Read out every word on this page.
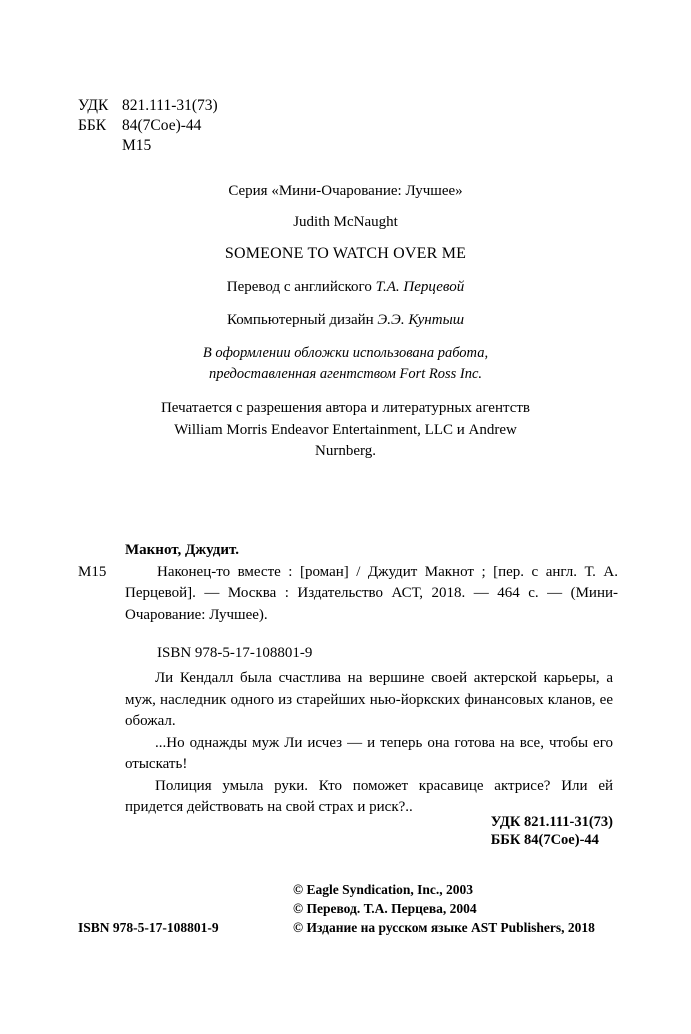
УДК 821.111-31(73)
ББК 84(7Сое)-44
М15
Серия «Мини-Очарование: Лучшее»
Judith McNaught
SOMEONE TO WATCH OVER ME
Перевод с английского Т.А. Перцевой
Компьютерный дизайн Э.Э. Кунтыш
В оформлении обложки использована работа,
предоставленная агентством Fort Ross Inc.
Печатается с разрешения автора и литературных агентств
William Morris Endeavor Entertainment, LLC и Andrew
Nurnberg.
Макнот, Джудит.
М15	Наконец-то вместе : [роман] / Джудит Макнот ; [пер. с англ. Т. А. Перцевой]. — Москва : Издательство АСТ, 2018. — 464 с. — (Мини-Очарование: Лучшее).
ISBN 978-5-17-108801-9

Ли Кендалл была счастлива на вершине своей актерской карьеры, а муж, наследник одного из старейших нью-йоркских финансовых кланов, ее обожал.

...Но однажды муж Ли исчез — и теперь она готова на все, чтобы его отыскать!

Полиция умыла руки. Кто поможет красавице актрисе? Или ей придется действовать на свой страх и риск?..

УДК 821.111-31(73)
ББК 84(7Сое)-44
ISBN 978-5-17-108801-9
© Eagle Syndication, Inc., 2003
© Перевод. Т.А. Перцева, 2004
© Издание на русском языке AST Publishers, 2018
